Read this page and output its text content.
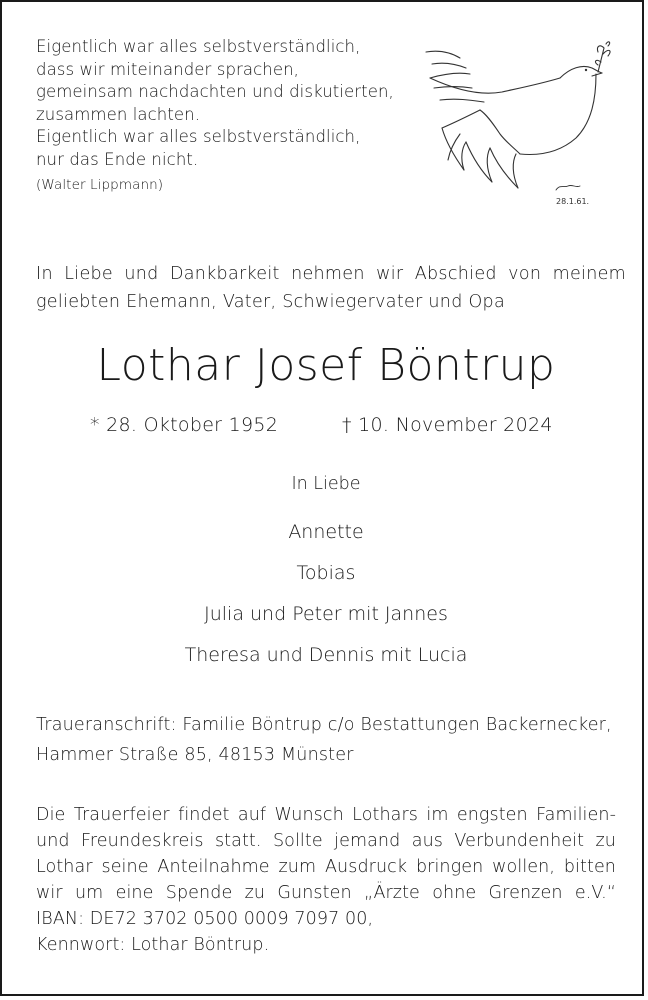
Eigentlich war alles selbstverständlich,
dass wir miteinander sprachen,
gemeinsam nachdachten und diskutierten,
zusammen lachten.
Eigentlich war alles selbstverständlich,
nur das Ende nicht.
(Walter Lippmann)
28.1.61.
In Liebe und Dankbarkeit nehmen wir Abschied von meinem
geliebten Ehemann, Vater, Schwiegervater und Opa
Lothar Josef Böntrup
* 28. Oktober 1952	† 10. November 2024
In Liebe
Annette
Tobias
Julia und Peter mit Jannes
Theresa und Dennis mit Lucia
Traueranschrift: Familie Böntrup c/o Bestattungen Backernecker,
Hammer Straße 85, 48153 Münster
Die Trauerfeier findet auf Wunsch Lothars im engsten Familien-
und Freundeskreis statt. Sollte jemand aus Verbundenheit zu
Lothar seine Anteilnahme zum Ausdruck bringen wollen, bitten
wir um eine Spende zu Gunsten „Ärzte ohne Grenzen e.V.“
IBAN: DE72 3702 0500 0009 7097 00,
Kennwort: Lothar Böntrup.
